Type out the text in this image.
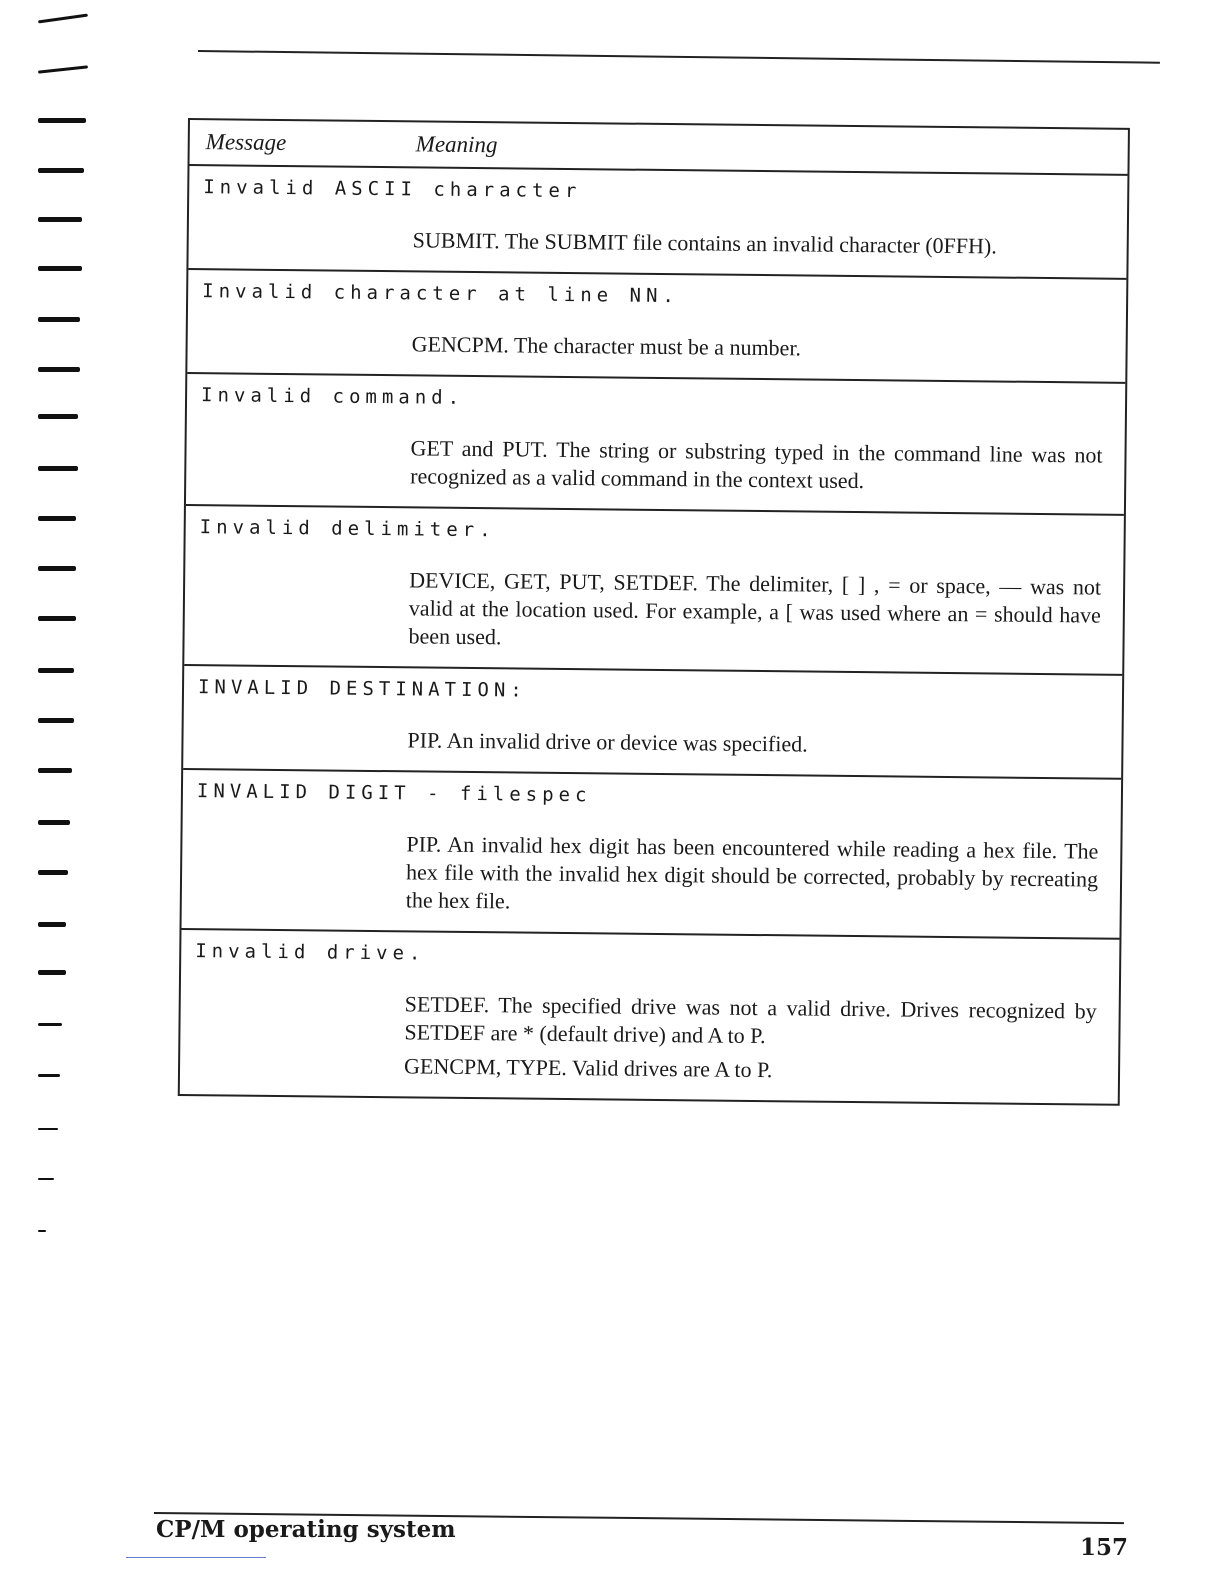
Message	Meaning
Invalid ASCII character

SUBMIT. The SUBMIT file contains an invalid character (0FFH).

Invalid character at line NN.

GENCPM. The character must be a number.

Invalid command.

GET and PUT. The string or substring typed in the command line was not recognized as a valid command in the context used.

Invalid delimiter.

DEVICE, GET, PUT, SETDEF. The delimiter, [ ] , = or space, — was not valid at the location used. For example, a [ was used where an = should have been used.

INVALID DESTINATION:

PIP. An invalid drive or device was specified.

INVALID DIGIT - filespec

PIP. An invalid hex digit has been encountered while reading a hex file. The hex file with the invalid hex digit should be corrected, probably by recreating the hex file.

Invalid drive.

SETDEF. The specified drive was not a valid drive. Drives recognized by SETDEF are * (default drive) and A to P.

GENCPM, TYPE. Valid drives are A to P.

CP/M operating system
157
